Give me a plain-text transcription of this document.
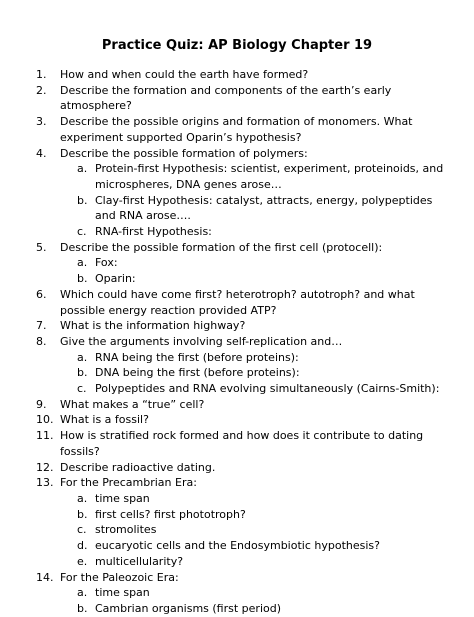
Practice Quiz: AP Biology Chapter 19
1. How and when could the earth have formed?
2. Describe the formation and components of the earth’s early atmosphere?
3. Describe the possible origins and formation of monomers. What experiment supported Oparin’s hypothesis?
4. Describe the possible formation of polymers:
a. Protein-first Hypothesis: scientist, experiment, proteinoids, and microspheres, DNA genes arose…
b. Clay-first Hypothesis: catalyst, attracts, energy, polypeptides and RNA arose….
c. RNA-first Hypothesis:
5. Describe the possible formation of the first cell (protocell):
a. Fox:
b. Oparin:
6. Which could have come first? heterotroph? autotroph? and what possible energy reaction provided ATP?
7. What is the information highway?
8. Give the arguments involving self-replication and…
a. RNA being the first (before proteins):
b. DNA being the first (before proteins):
c. Polypeptides and RNA evolving simultaneously (Cairns-Smith):
9. What makes a “true” cell?
10. What is a fossil?
11. How is stratified rock formed and how does it contribute to dating fossils?
12. Describe radioactive dating.
13. For the Precambrian Era:
a. time span
b. first cells? first phototroph?
c. stromolites
d. eucaryotic cells and the Endosymbiotic hypothesis?
e. multicellularity?
14. For the Paleozoic Era:
a. time span
b. Cambrian organisms (first period)
